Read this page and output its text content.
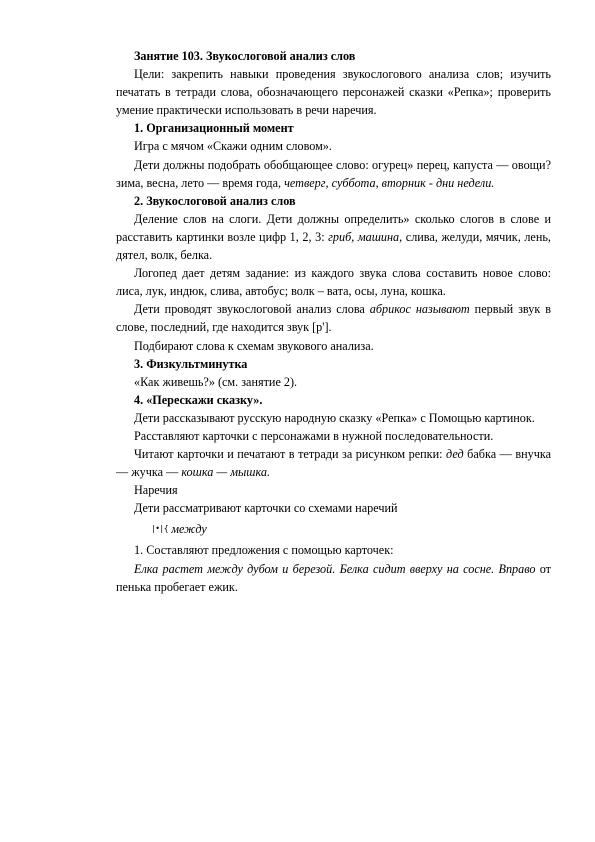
Занятие 103. Звукослоговой анализ слов

Цели: закрепить навыки проведения звукослогового анализа слов; изучить печатать в тетради слова, обозначающего персонажей сказки «Репка»; проверить умение практически использовать в речи наречия.

1. Организационный момент

Игра с мячом «Скажи одним словом».

Дети должны подобрать обобщающее слово: огурец» перец, капуста — овощи? зима, весна, лето — время года, четверг, суббота, вторник - дни недели.

2. Звукослоговой анализ слов

Деление слов на слоги. Дети должны определить» сколько слогов в слове и расставить картинки возле цифр 1, 2, 3: гриб, машина, слива, желуди, мячик, лень, дятел, волк, белка.

Логопед дает детям задание: из каждого звука слова составить новое слово: лиса, лук, индюк, слива, автобус; волк – вата, осы, луна, кошка.

Дети проводят звукослоговой анализ слова абрикос называют первый звук в слове, последний, где находится звук [р'].

Подбирают слова к схемам звукового анализа.

3. Физкультминутка

«Как живешь?» (см. занятие 2).

4. «Перескажи сказку».

Дети рассказывают русскую народную сказку «Репка» с Помощью картинок.

Расставляют карточки с персонажами в нужной последовательности.

Читают карточки и печатают в тетради за рисунком репки: дед бабка — внучка — жучка — кошка — мышка.

Наречия

Дети рассматривают карточки со схемами наречий

|•|{ между

1. Составляют предложения с помощью карточек:

Елка растет между дубом и березой. Белка сидит вверху на сосне. Вправо от пенька пробегает ежик.
